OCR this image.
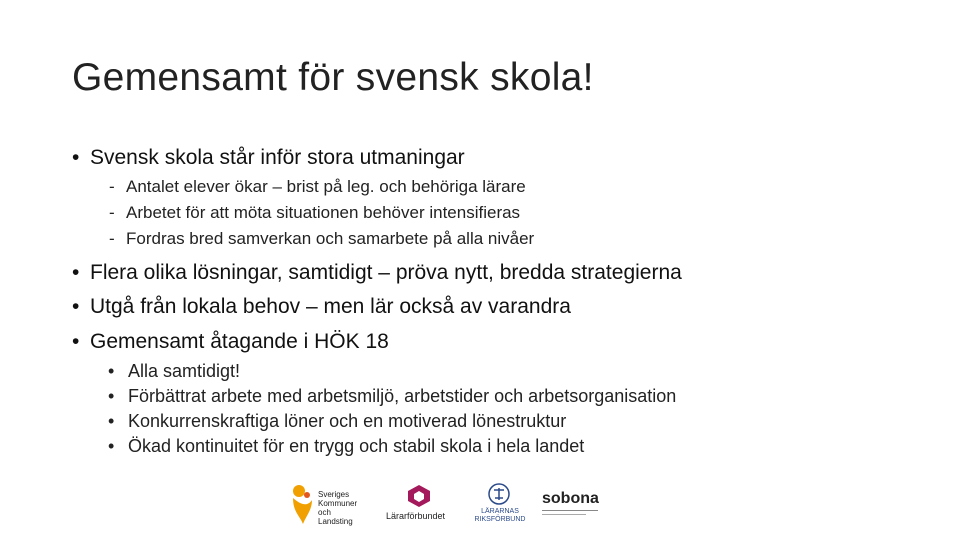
Gemensamt för svensk skola!
• Svensk skola står inför stora utmaningar
- Antalet elever ökar – brist på leg. och behöriga lärare
- Arbetet för att möta situationen behöver intensifieras
- Fordras bred samverkan och samarbete på alla nivåer
• Flera olika lösningar, samtidigt – pröva nytt, bredda strategierna
• Utgå från lokala behov – men lär också av varandra
• Gemensamt åtagande i HÖK 18
• Alla samtidigt!
• Förbättrat arbete med arbetsmiljö, arbetstider och arbetsorganisation
• Konkurrenskraftiga löner och en motiverad lönestruktur
• Ökad kontinuitet för en trygg och stabil skola i hela landet
Sveriges Kommuner och Landsting
Lärarförbundet	LÄRARNAS RIKSFÖRBUND
sobona
